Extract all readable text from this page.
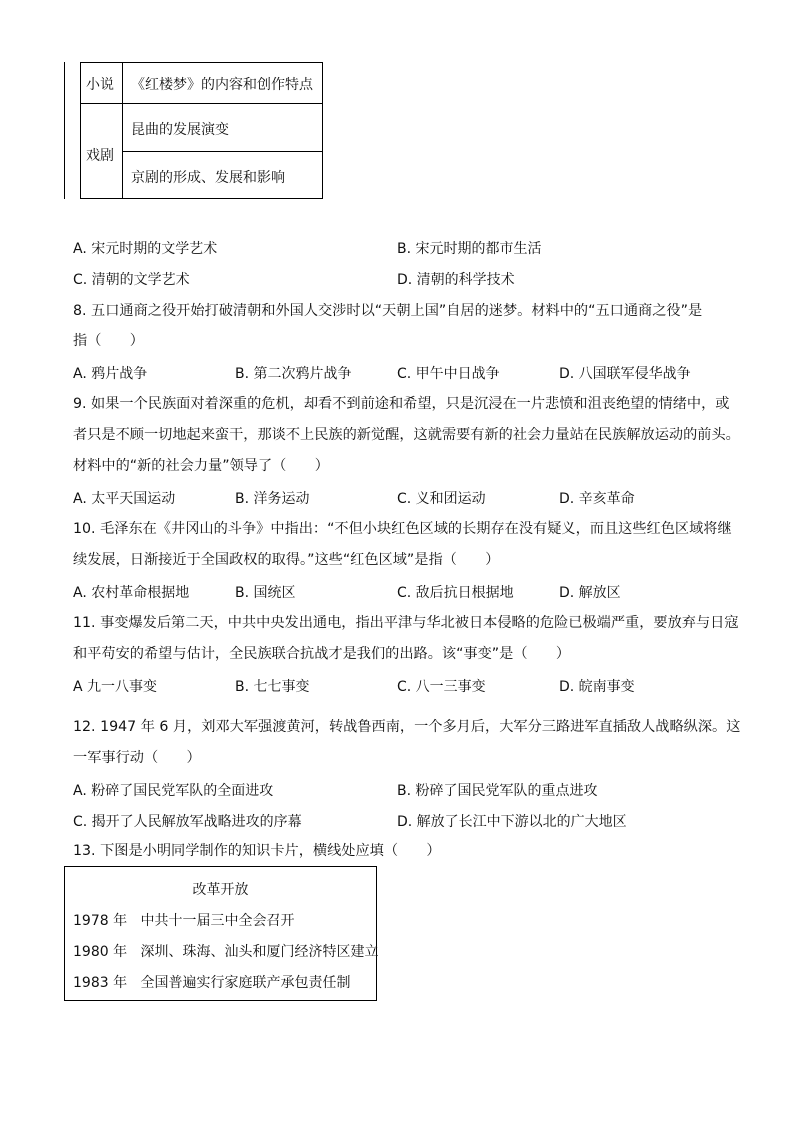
小说 《红楼梦》的内容和创作特点
戏剧
昆曲的发展演变
京剧的形成、发展和影响
A. 宋元时期的文学艺术	B. 宋元时期的都市生活
C. 清朝的文学艺术	D. 清朝的科学技术
8. 五口通商之役开始打破清朝和外国人交涉时以“天朝上国”自居的迷梦。材料中的“五口通商之役”是
指（　　）
A. 鸦片战争	B. 第二次鸦片战争	C. 甲午中日战争	D. 八国联军侵华战争
9. 如果一个民族面对着深重的危机，却看不到前途和希望，只是沉浸在一片悲愤和沮丧绝望的情绪中，或
者只是不顾一切地起来蛮干，那谈不上民族的新觉醒，这就需要有新的社会力量站在民族解放运动的前头。
材料中的“新的社会力量”领导了（　　）
A. 太平天国运动	B. 洋务运动	C. 义和团运动	D. 辛亥革命
10. 毛泽东在《井冈山的斗争》中指出：“不但小块红色区域的长期存在没有疑义，而且这些红色区域将继
续发展，日渐接近于全国政权的取得。”这些“红色区域”是指（　　）
A. 农村革命根据地	B. 国统区	C. 敌后抗日根据地	D. 解放区
11. 事变爆发后第二天，中共中央发出通电，指出平津与华北被日本侵略的危险已极端严重，要放弃与日寇
和平苟安的希望与估计，全民族联合抗战才是我们的出路。该“事变”是（　　）
A 九一八事变	B. 七七事变	C. 八一三事变	D. 皖南事变
12. 1947 年 6 月，刘邓大军强渡黄河，转战鲁西南，一个多月后，大军分三路进军直插敌人战略纵深。这
一军事行动（　　）
A. 粉碎了国民党军队的全面进攻	B. 粉碎了国民党军队的重点进攻
C. 揭开了人民解放军战略进攻的序幕	D. 解放了长江中下游以北的广大地区
13. 下图是小明同学制作的知识卡片，横线处应填（　　）
改革开放
1978 年 中共十一届三中全会召开
1980 年 深圳、珠海、汕头和厦门经济特区建立
1983 年 全国普遍实行家庭联产承包责任制
